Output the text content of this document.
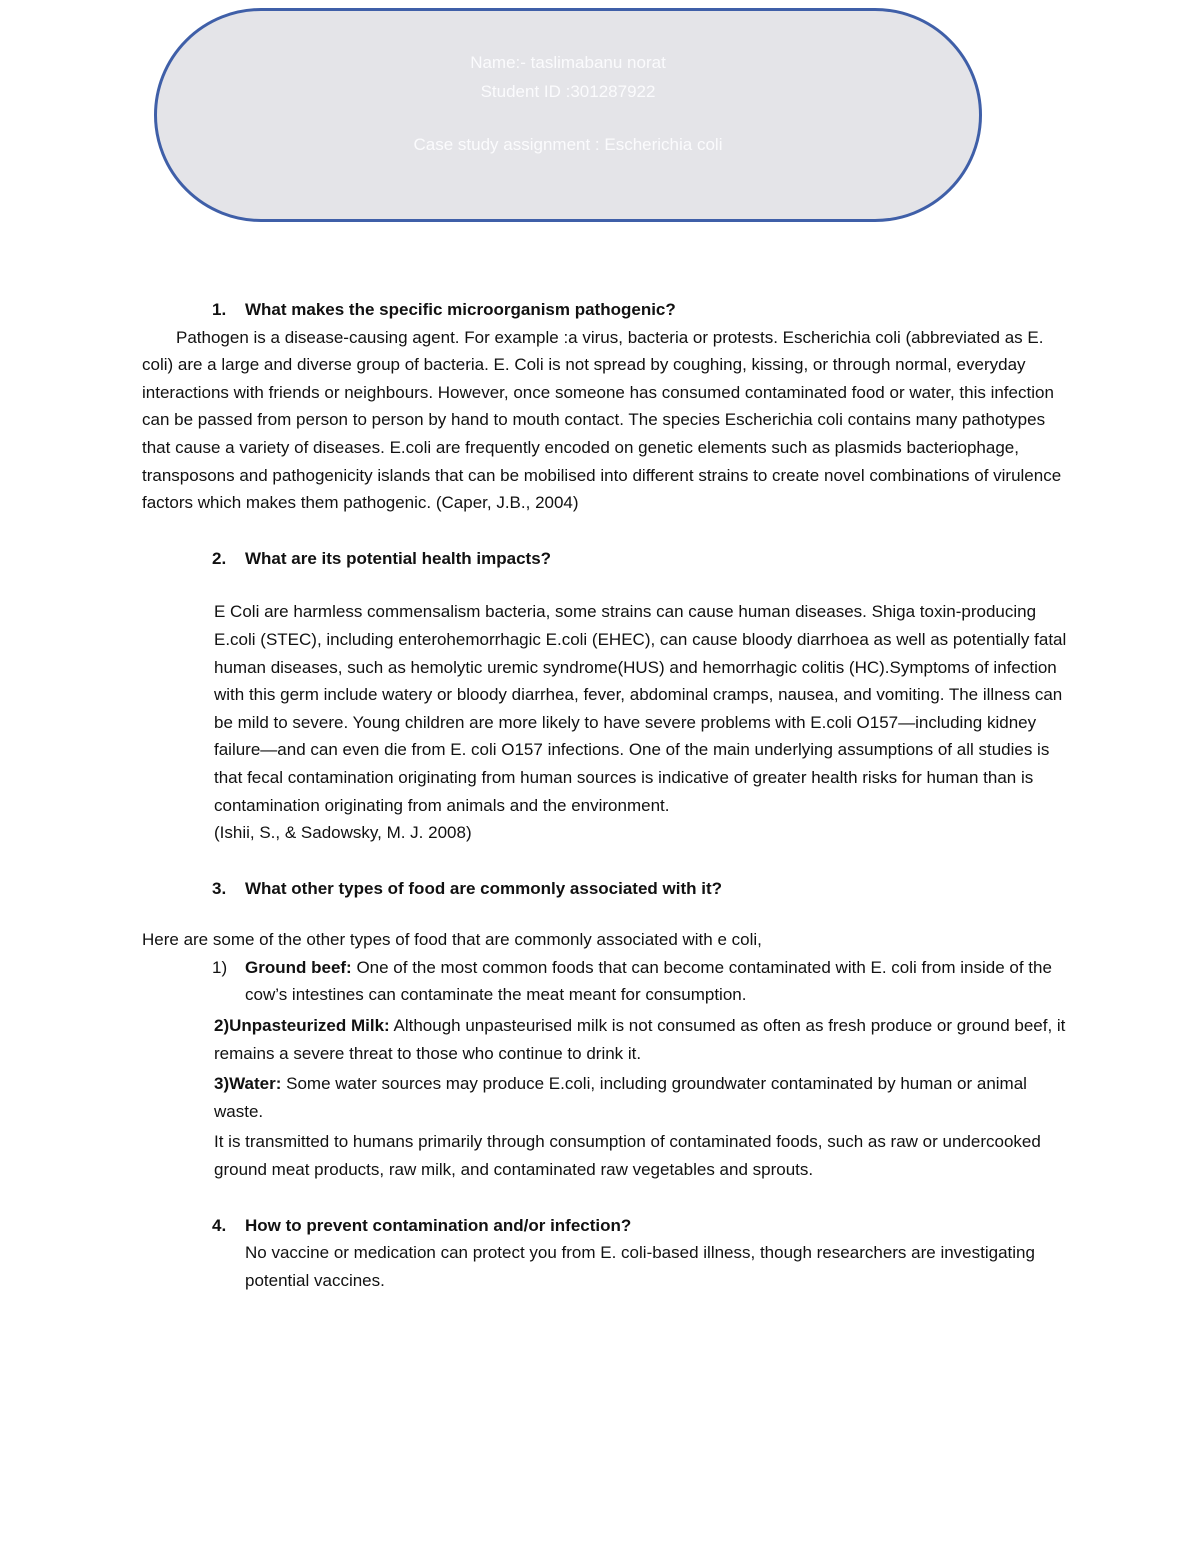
Name:- taslimabanu norat
Student ID :301287922
Case study assignment : Escherichia coli
1. What makes the specific microorganism pathogenic?
Pathogen is a disease-causing agent. For example :a virus, bacteria or protests. Escherichia coli (abbreviated as E. coli) are a large and diverse group of bacteria. E. Coli is not spread by coughing, kissing, or through normal, everyday interactions with friends or neighbours. However, once someone has consumed contaminated food or water, this infection can be passed from person to person by hand to mouth contact. The species Escherichia coli contains many pathotypes that cause a variety of diseases. E.coli are frequently encoded on genetic elements such as plasmids bacteriophage, transposons and pathogenicity islands that can be mobilised into different strains to create novel combinations of virulence factors which makes them pathogenic. (Caper, J.B., 2004)
2. What are its potential health impacts?
E Coli are harmless commensalism bacteria, some strains can cause human diseases. Shiga toxin-producing E.coli (STEC), including enterohemorrhagic E.coli (EHEC), can cause bloody diarrhoea as well as potentially fatal human diseases, such as hemolytic uremic syndrome(HUS) and hemorrhagic colitis (HC).Symptoms of infection with this germ include watery or bloody diarrhea, fever, abdominal cramps, nausea, and vomiting. The illness can be mild to severe. Young children are more likely to have severe problems with E.coli O157—including kidney failure—and can even die from E. coli O157 infections. One of the main underlying assumptions of all studies is that fecal contamination originating from human sources is indicative of greater health risks for human than is contamination originating from animals and the environment.
(Ishii, S., & Sadowsky, M. J. 2008)
3. What other types of food are commonly associated with it?
Here are some of the other types of food that are commonly associated with e coli,
1) Ground beef: One of the most common foods that can become contaminated with E. coli from inside of the cow’s intestines can contaminate the meat meant for consumption.
2)Unpasteurized Milk: Although unpasteurised milk is not consumed as often as fresh produce or ground beef, it remains a severe threat to those who continue to drink it.
3)Water: Some water sources may produce E.coli, including groundwater contaminated by human or animal waste.
It is transmitted to humans primarily through consumption of contaminated foods, such as raw or undercooked ground meat products, raw milk, and contaminated raw vegetables and sprouts.
4. How to prevent contamination and/or infection?
No vaccine or medication can protect you from E. coli-based illness, though researchers are investigating potential vaccines.
